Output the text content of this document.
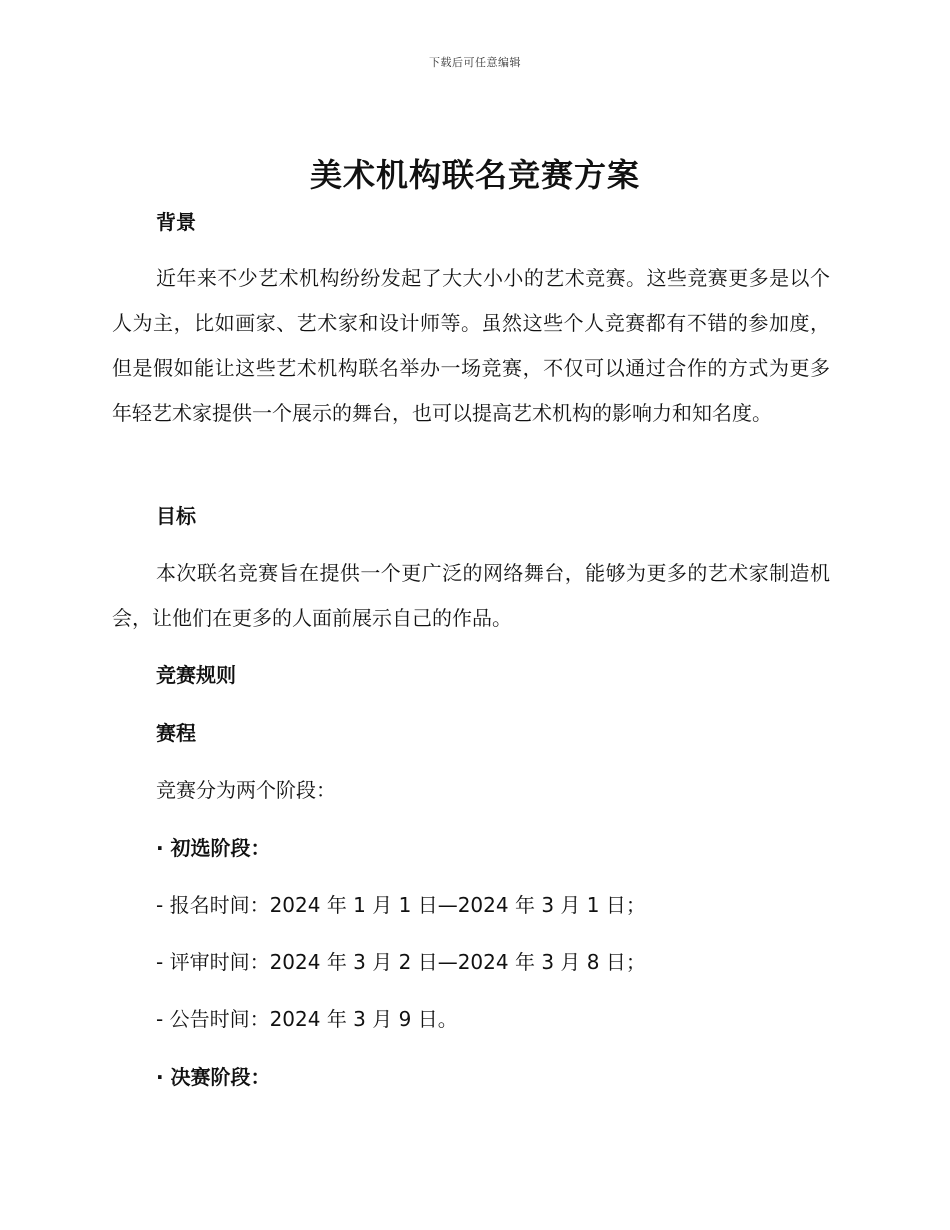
下载后可任意编辑
美术机构联名竞赛方案
背景
近年来不少艺术机构纷纷发起了大大小小的艺术竞赛。这些竞赛更多是以个人为主，比如画家、艺术家和设计师等。虽然这些个人竞赛都有不错的参加度，但是假如能让这些艺术机构联名举办一场竞赛，不仅可以通过合作的方式为更多年轻艺术家提供一个展示的舞台，也可以提高艺术机构的影响力和知名度。
目标
本次联名竞赛旨在提供一个更广泛的网络舞台，能够为更多的艺术家制造机会，让他们在更多的人面前展示自己的作品。
竞赛规则
赛程
竞赛分为两个阶段：
· 初选阶段：
- 报名时间：2024 年 1 月 1 日—2024 年 3 月 1 日；
- 评审时间：2024 年 3 月 2 日—2024 年 3 月 8 日；
- 公告时间：2024 年 3 月 9 日。
· 决赛阶段：
